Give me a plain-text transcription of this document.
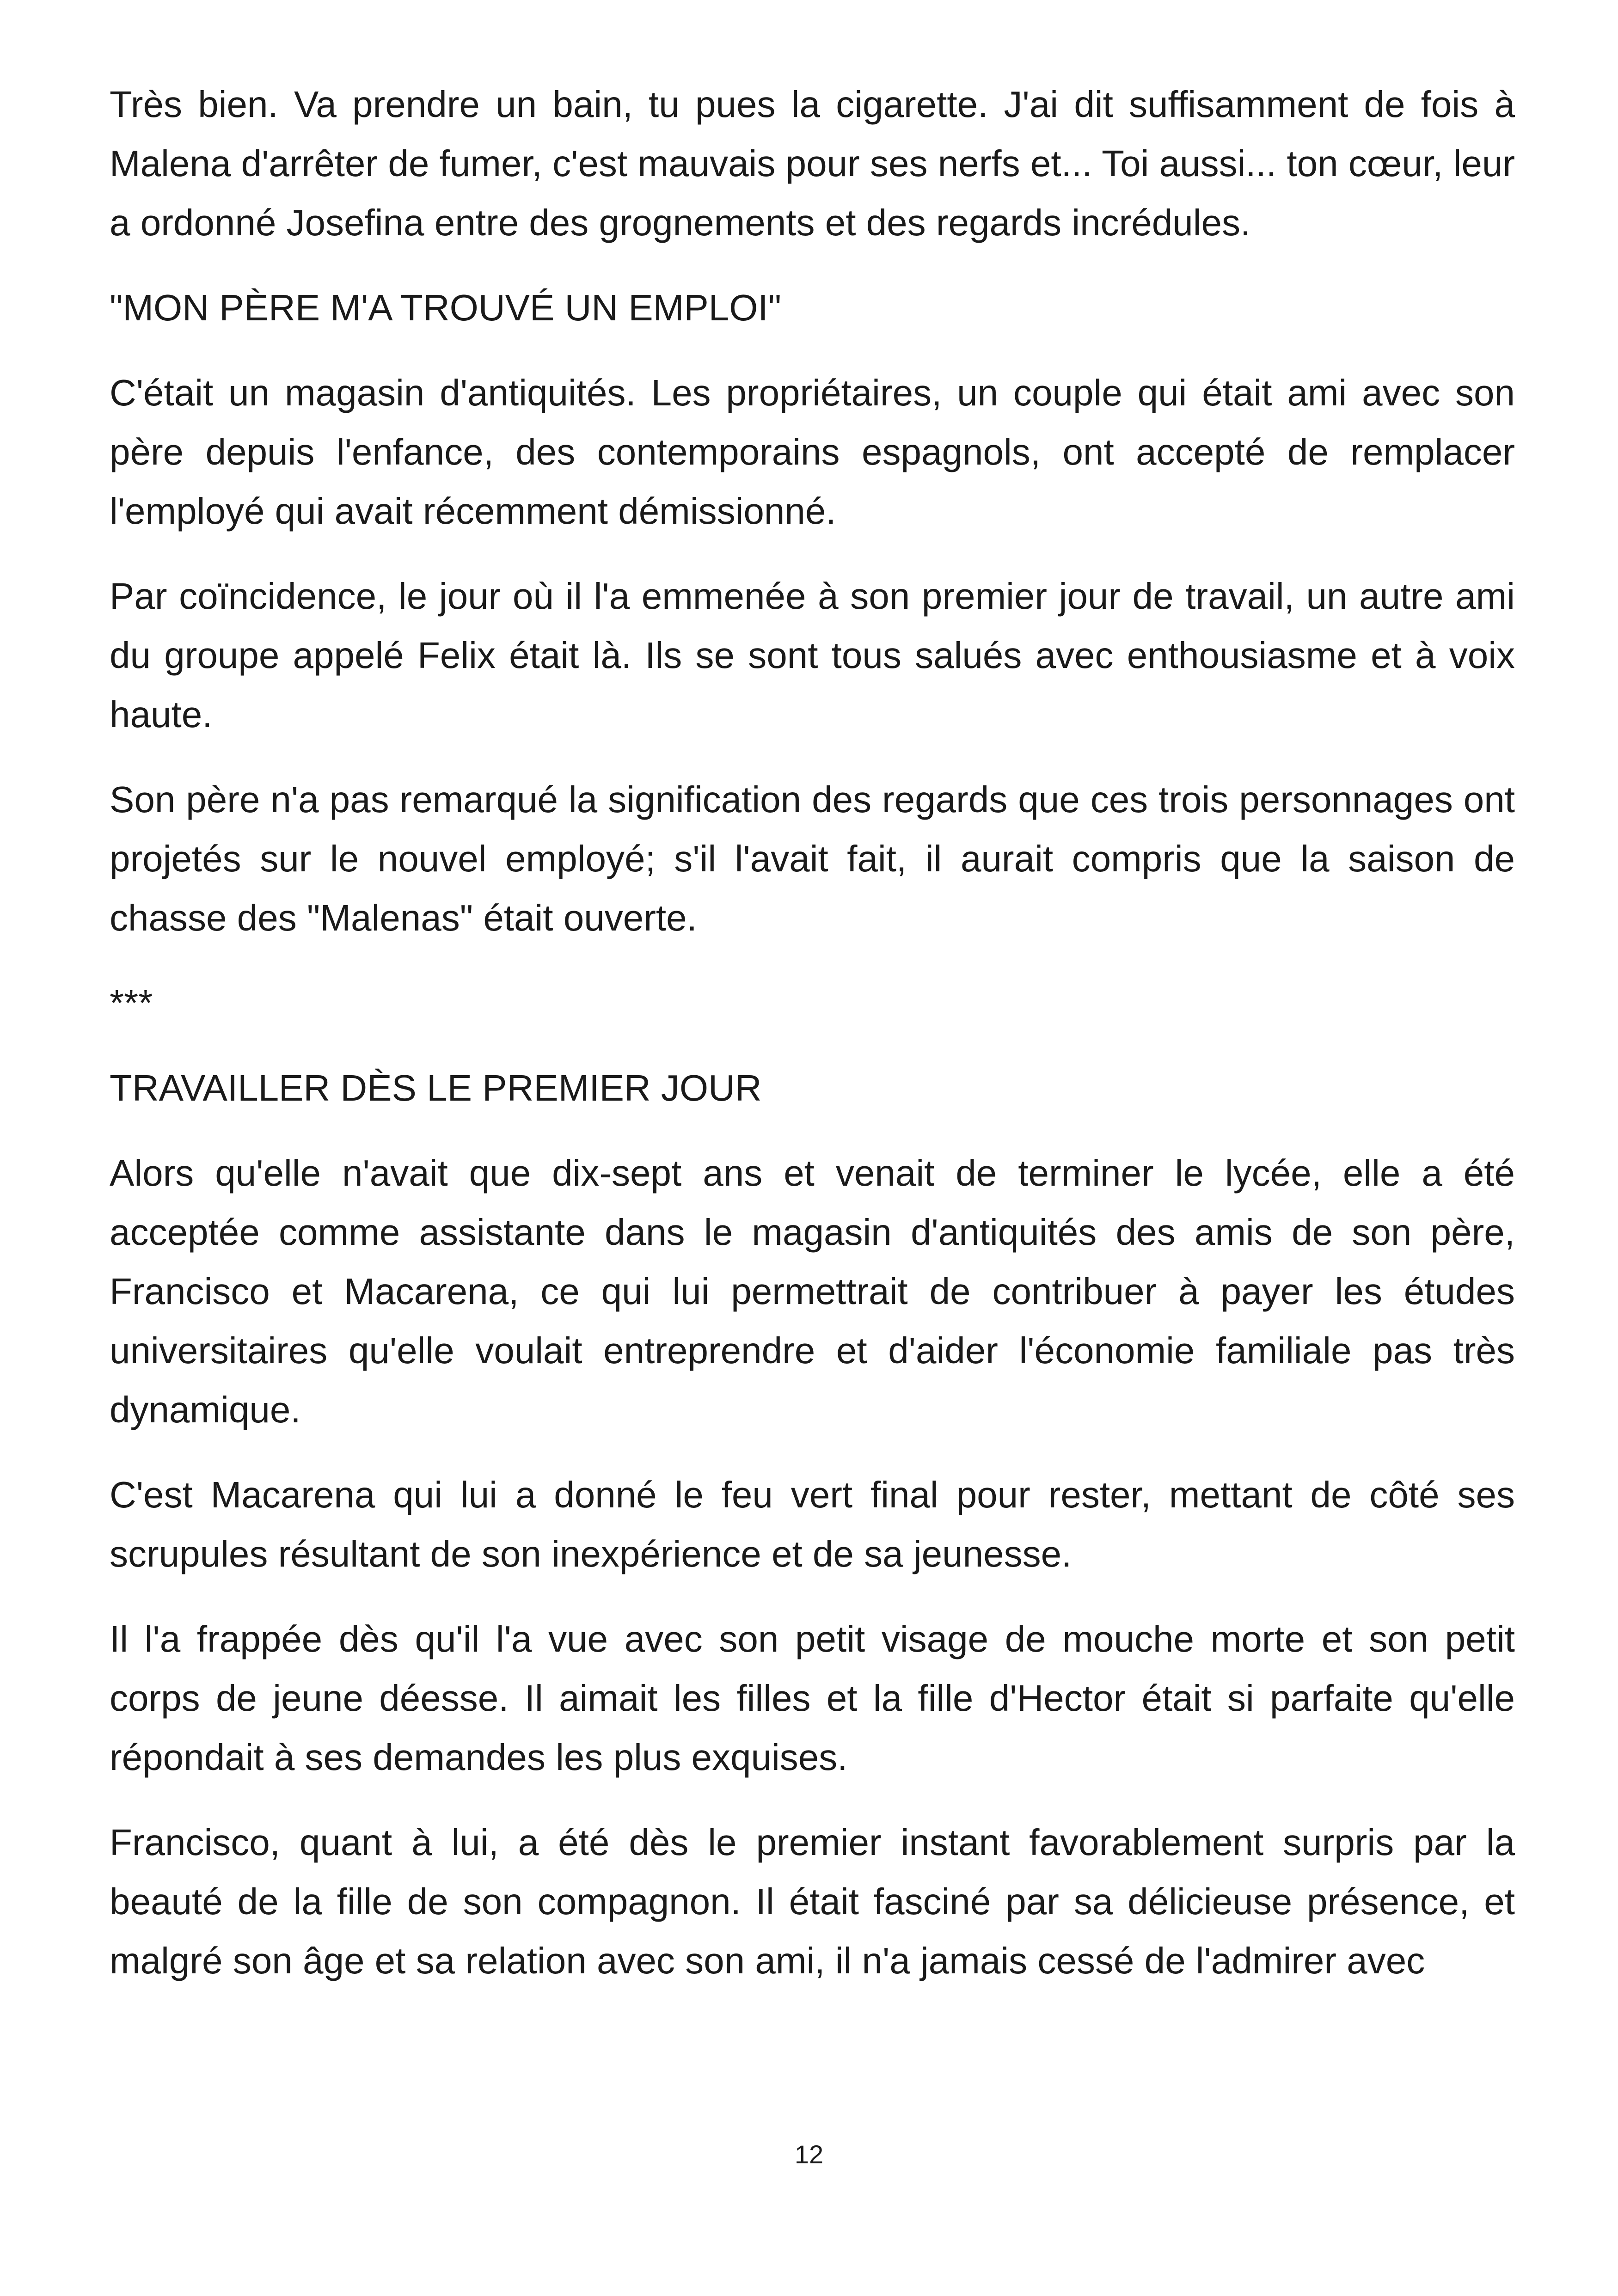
Très bien. Va prendre un bain, tu pues la cigarette. J'ai dit suffisamment de fois à Malena d'arrêter de fumer, c'est mauvais pour ses nerfs et... Toi aussi... ton cœur, leur a ordonné Josefina entre des grognements et des regards incrédules.

"MON PÈRE M'A TROUVÉ UN EMPLOI"

C'était un magasin d'antiquités. Les propriétaires, un couple qui était ami avec son père depuis l'enfance, des contemporains espagnols, ont accepté de remplacer l'employé qui avait récemment démissionné.

Par coïncidence, le jour où il l'a emmenée à son premier jour de travail, un autre ami du groupe appelé Felix était là. Ils se sont tous salués avec enthousiasme et à voix haute.

Son père n'a pas remarqué la signification des regards que ces trois personnages ont projetés sur le nouvel employé; s'il l'avait fait, il aurait compris que la saison de chasse des "Malenas" était ouverte.

***

TRAVAILLER DÈS LE PREMIER JOUR

Alors qu'elle n'avait que dix-sept ans et venait de terminer le lycée, elle a été acceptée comme assistante dans le magasin d'antiquités des amis de son père, Francisco et Macarena, ce qui lui permettrait de contribuer à payer les études universitaires qu'elle voulait entreprendre et d'aider l'économie familiale pas très dynamique.

C'est Macarena qui lui a donné le feu vert final pour rester, mettant de côté ses scrupules résultant de son inexpérience et de sa jeunesse.

Il l'a frappée dès qu'il l'a vue avec son petit visage de mouche morte et son petit corps de jeune déesse. Il aimait les filles et la fille d'Hector était si parfaite qu'elle répondait à ses demandes les plus exquises.

Francisco, quant à lui, a été dès le premier instant favorablement surpris par la beauté de la fille de son compagnon. Il était fasciné par sa délicieuse présence, et malgré son âge et sa relation avec son ami, il n'a jamais cessé de l'admirer avec

12
